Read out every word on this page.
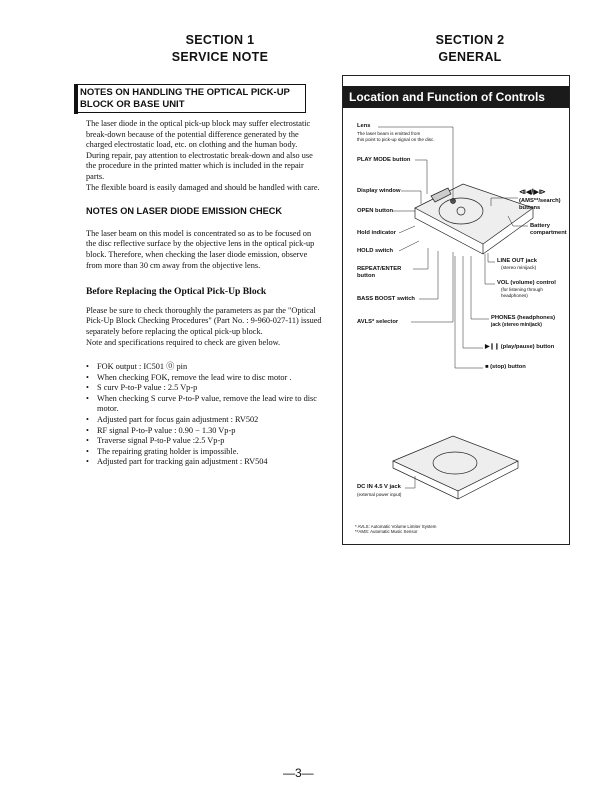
SECTION 1
SERVICE NOTE
SECTION 2
GENERAL
NOTES ON HANDLING THE OPTICAL PICK-UP BLOCK OR BASE UNIT

The laser diode in the optical pick-up block may suffer electrostatic break-down because of the potential difference generated by the charged electrostatic load, etc. on clothing and the human body. During repair, pay attention to electrostatic break-down and also use the procedure in the printed matter which is included in the repair parts.

The flexible board is easily damaged and should be handled with care.

NOTES ON LASER DIODE EMISSION CHECK

The laser beam on this model is concentrated so as to be focused on the disc reflective surface by the objective lens in the optical pick-up block. Therefore, when checking the laser diode emission, observe from more than 30 cm away from the objective lens.

Before Replacing the Optical Pick-Up Block

Please be sure to check thoroughly the parameters as par the "Optical Pick-Up Block Checking Procedures" (Part No. : 9-960-027-11) issued separately before replacing the optical pick-up block.

Note and specifications required to check are given below.

• FOK output : IC501 ⓪ pin
• When checking FOK, remove the lead wire to disc motor .
• S curv P-to-P value : 2.5 Vp-p
• When checking S curve P-to-P value, remove the lead wire to disc motor.
• Adjusted part for focus gain adjustment : RV502
• RF signal P-to-P value : 0.90 − 1.30 Vp-p
• Traverse signal P-to-P value :2.5 Vp-p
• The repairing grating holder is impossible.
• Adjusted part for tracking gain adjustment : RV504
Location and Function of Controls
Lens
The laser beam is emitted from
this point to pick-up signal on the disc.
PLAY MODE button
Display window
OPEN button
Hold indicator
HOLD switch
REPEAT/ENTER
button
BASS BOOST switch
AVLS* selector
⧏◀/▶⧐
(AMS**/search)
buttons
Battery
compartment
LINE OUT jack
(stereo minijack)
VOL (volume) control
(for listening through
headphones)
PHONES (headphones)
jack (stereo minijack)
▶❙❙ (play/pause) button
■ (stop) button
DC IN 4.5 V jack
(external power input)
* AVLS: Automatic Volume Limiter System
**AMS: Automatic Music Sensor
—3—
